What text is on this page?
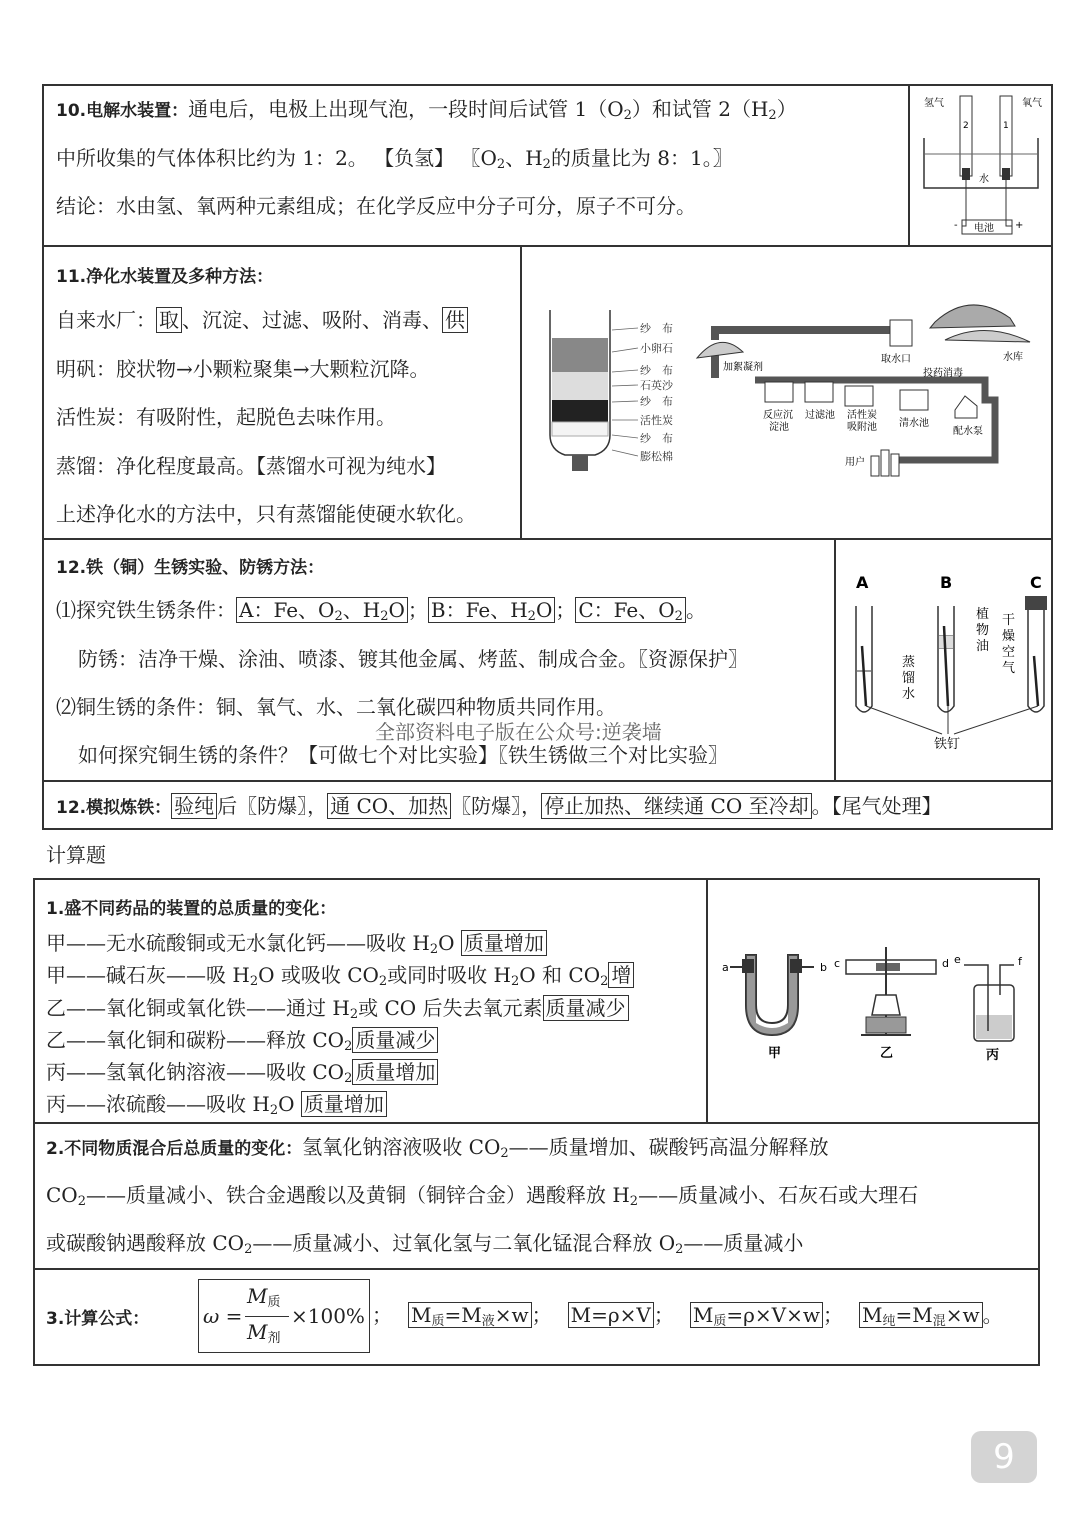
10.电解水装置：通电后，电极上出现气泡，一段时间后试管 $1(O_2)$和试管 $2(H_2)$
中所收集的气体体积比约为 1：2。 【负氢】 〖$O_2$、$H_2$的质量比为 8：1。〗
结论：水由氢、氧两种元素组成；在化学反应中分子可分，原子不可分。
氢气	氧气
2	1
水
电池
-	+
11.净化水装置及多种方法：
自来水厂： 取 、沉淀、过滤、吸附、消毒、 供
明矾：胶状物→小颗粒聚集→大颗粒沉降。
活性炭：有吸附性，起脱色去味作用。
蒸馏：净化程度最高。【蒸馏水可视为纯水】
上述净化水的方法中，只有蒸馏能使硬水软化。
纱　布
小卵石
纱　布
石英沙
纱　布
活性炭
纱　布
膨松棉
取水口	水库
加絮凝剂
投药消毒
反应沉
淀池
过滤池 活性炭
吸附池 清水池
配水泵
用户
12.铁（铜）生锈实验、防锈方法：
⑴探究铁生锈条件： A：Fe、$O_2$、$H_2O$ ； B：Fe、$H_2O$ ； C：Fe、$O_2$ 。
防锈：洁净干燥、涂油、喷漆、镀其他金属、烤蓝、制成合金。〖资源保护〗
⑵铜生锈的条件：铜、氧气、水、二氧化碳四种物质共同作用。
全部资料电子版在公众号:逆袭墙
如何探究铜生锈的条件？【可做七个对比实验】〖铁生锈做三个对比实验〗
A	B	C
植
物
油
蒸
馏
水
干
燥
空
气
铁钉
12.模拟炼铁： 验纯 后〖防爆〗， 通 CO、加热 〖防爆〗， 停止加热、继续通 CO 至冷却 。【尾气处理】
计算题
1.盛不同药品的装置的总质量的变化：
甲——无水硫酸铜或无水氯化钙——吸收 $H_2O$ 质量增加
甲——碱石灰——吸 $H_2O$ 或吸收 $CO_2$或同时吸收 $H_2O$ 和 $CO_2$ 增
乙——氧化铜或氧化铁——通过 $H_2$或 CO 后失去氧元素 质量减少
乙——氧化铜和碳粉——释放 $CO_2$ 质量减少
丙——氢氧化钠溶液——吸收 $CO_2$ 质量增加
丙——浓硫酸——吸收 $H_2O$ 质量增加
a	b c	d e	f
甲	乙	丙
2.不同物质混合后总质量的变化：氢氧化钠溶液吸收 $CO_2——$质量增加、碳酸钙高温分解释放
$CO_2——$质量减小、铁合金遇酸以及黄铜（铜锌合金）遇酸释放 $H_2——$质量减小、石灰石或大理石
或碳酸钠遇酸释放 $CO_2——$质量减小、过氧化氢与二氧化锰混合释放 $O_2——$质量减小
3.计算公式：	ω =
$M_质$
$M_剂$
×100% ； $M_质=M_液\times w$ ； M=ρ×V ； $M_质=\rho\times V\times w$ ； $M_纯=M_混\times w$ 。
9
